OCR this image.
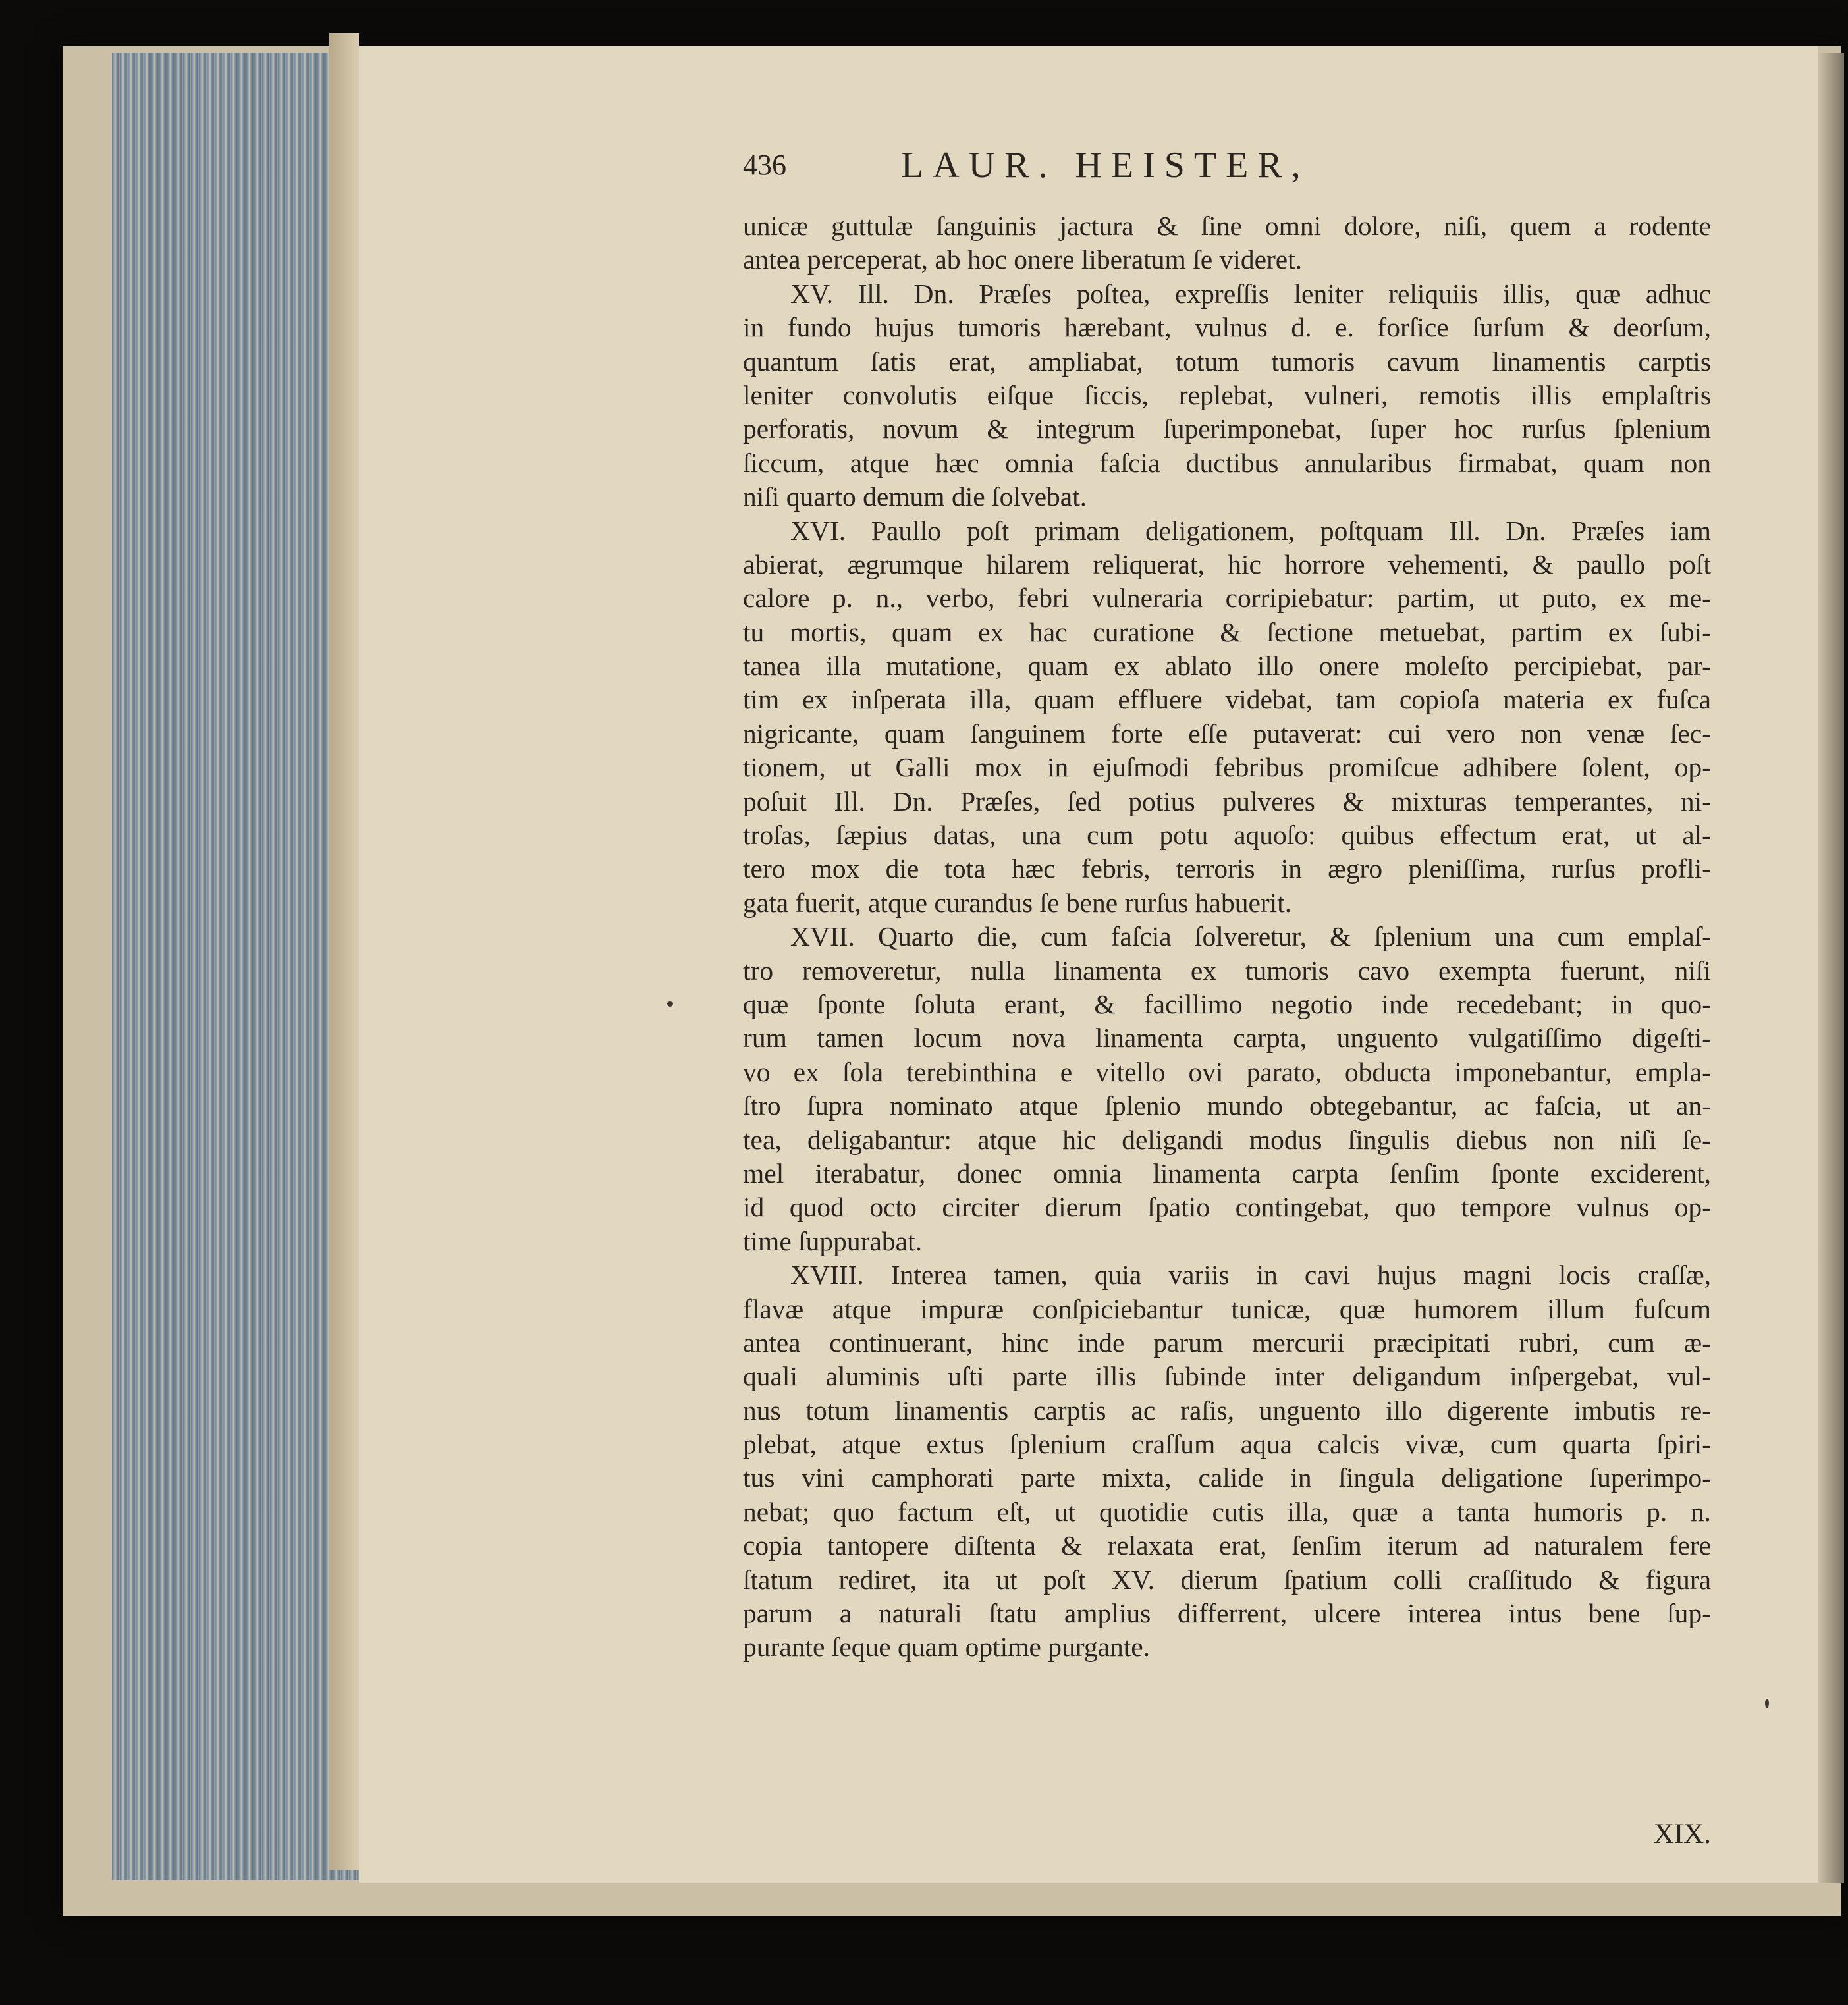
436	LAUR. HEISTER,
unicæ guttulæ ſanguinis jactura & ſine omni dolore, niſi, quem a rodente
antea perceperat, ab hoc onere liberatum ſe videret.
XV. Ill. Dn. Præſes poſtea, expreſſis leniter reliquiis illis, quæ adhuc
in fundo hujus tumoris hærebant, vulnus d. e. forſice ſurſum & deorſum,
quantum ſatis erat, ampliabat, totum tumoris cavum linamentis carptis
leniter convolutis eiſque ſiccis, replebat, vulneri, remotis illis emplaſtris
perforatis, novum & integrum ſuperimponebat, ſuper hoc rurſus ſplenium
ſiccum, atque hæc omnia faſcia ductibus annularibus firmabat, quam non
niſi quarto demum die ſolvebat.
XVI. Paullo poſt primam deligationem, poſtquam Ill. Dn. Præſes iam
abierat, ægrumque hilarem reliquerat, hic horrore vehementi, & paullo poſt
calore p. n., verbo, febri vulneraria corripiebatur: partim, ut puto, ex me-
tu mortis, quam ex hac curatione & ſectione metuebat, partim ex ſubi-
tanea illa mutatione, quam ex ablato illo onere moleſto percipiebat, par-
tim ex inſperata illa, quam effluere videbat, tam copioſa materia ex fuſca
nigricante, quam ſanguinem forte eſſe putaverat: cui vero non venæ ſec-
tionem, ut Galli mox in ejuſmodi febribus promiſcue adhibere ſolent, op-
poſuit Ill. Dn. Præſes, ſed potius pulveres & mixturas temperantes, ni-
troſas, ſæpius datas, una cum potu aquoſo: quibus effectum erat, ut al-
tero mox die tota hæc febris, terroris in ægro pleniſſima, rurſus profli-
gata fuerit, atque curandus ſe bene rurſus habuerit.
XVII. Quarto die, cum faſcia ſolveretur, & ſplenium una cum emplaſ-
tro removeretur, nulla linamenta ex tumoris cavo exempta fuerunt, niſi
quæ ſponte ſoluta erant, & facillimo negotio inde recedebant; in quo-
rum tamen locum nova linamenta carpta, unguento vulgatiſſimo digeſti-
vo ex ſola terebinthina e vitello ovi parato, obducta imponebantur, empla-
ſtro ſupra nominato atque ſplenio mundo obtegebantur, ac faſcia, ut an-
tea, deligabantur: atque hic deligandi modus ſingulis diebus non niſi ſe-
mel iterabatur, donec omnia linamenta carpta ſenſim ſponte exciderent,
id quod octo circiter dierum ſpatio contingebat, quo tempore vulnus op-
time ſuppurabat.
XVIII. Interea tamen, quia variis in cavi hujus magni locis craſſæ,
flavæ atque impuræ conſpiciebantur tunicæ, quæ humorem illum fuſcum
antea continuerant, hinc inde parum mercurii præcipitati rubri, cum æ-
quali aluminis uſti parte illis ſubinde inter deligandum inſpergebat, vul-
nus totum linamentis carptis ac raſis, unguento illo digerente imbutis re-
plebat, atque extus ſplenium craſſum aqua calcis vivæ, cum quarta ſpiri-
tus vini camphorati parte mixta, calide in ſingula deligatione ſuperimpo-
nebat; quo factum eſt, ut quotidie cutis illa, quæ a tanta humoris p. n.
copia tantopere diſtenta & relaxata erat, ſenſim iterum ad naturalem fere
ſtatum rediret, ita ut poſt XV. dierum ſpatium colli craſſitudo & figura
parum a naturali ſtatu amplius differrent, ulcere interea intus bene ſup-
purante ſeque quam optime purgante.
XIX.
